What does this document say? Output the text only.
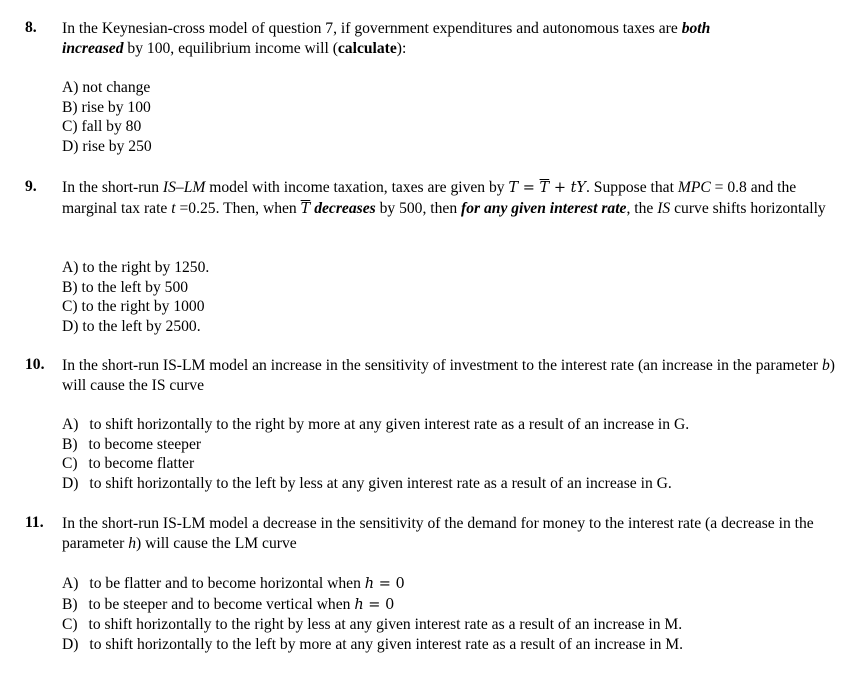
8. In the Keynesian-cross model of question 7, if government expenditures and autonomous taxes are both
increased by 100, equilibrium income will (calculate):
A) not change
B) rise by 100
C) fall by 80
D) rise by 250
9. In the short-run IS–LM model with income taxation, taxes are given by $T = \overline{T}$ + tY. Suppose that MPC = 0.8 and the marginal tax rate t =0.25. Then, when $\overline{T}$ decreases by 500, then for any given interest rate, the IS curve shifts horizontally
A) to the right by 1250.
B) to the left by 500
C) to the right by 1000
D) to the left by 2500.
10. In the short-run IS-LM model an increase in the sensitivity of investment to the interest rate (an increase in the parameter b) will cause the IS curve
A) to shift horizontally to the right by more at any given interest rate as a result of an increase in G.
B) to become steeper
C) to become flatter
D) to shift horizontally to the left by less at any given interest rate as a result of an increase in G.
11. In the short-run IS-LM model a decrease in the sensitivity of the demand for money to the interest rate (a decrease in the parameter h) will cause the LM curve
A) to be flatter and to become horizontal when h = 0
B) to be steeper and to become vertical when h = 0
C) to shift horizontally to the right by less at any given interest rate as a result of an increase in M.
D) to shift horizontally to the left by more at any given interest rate as a result of an increase in M.
